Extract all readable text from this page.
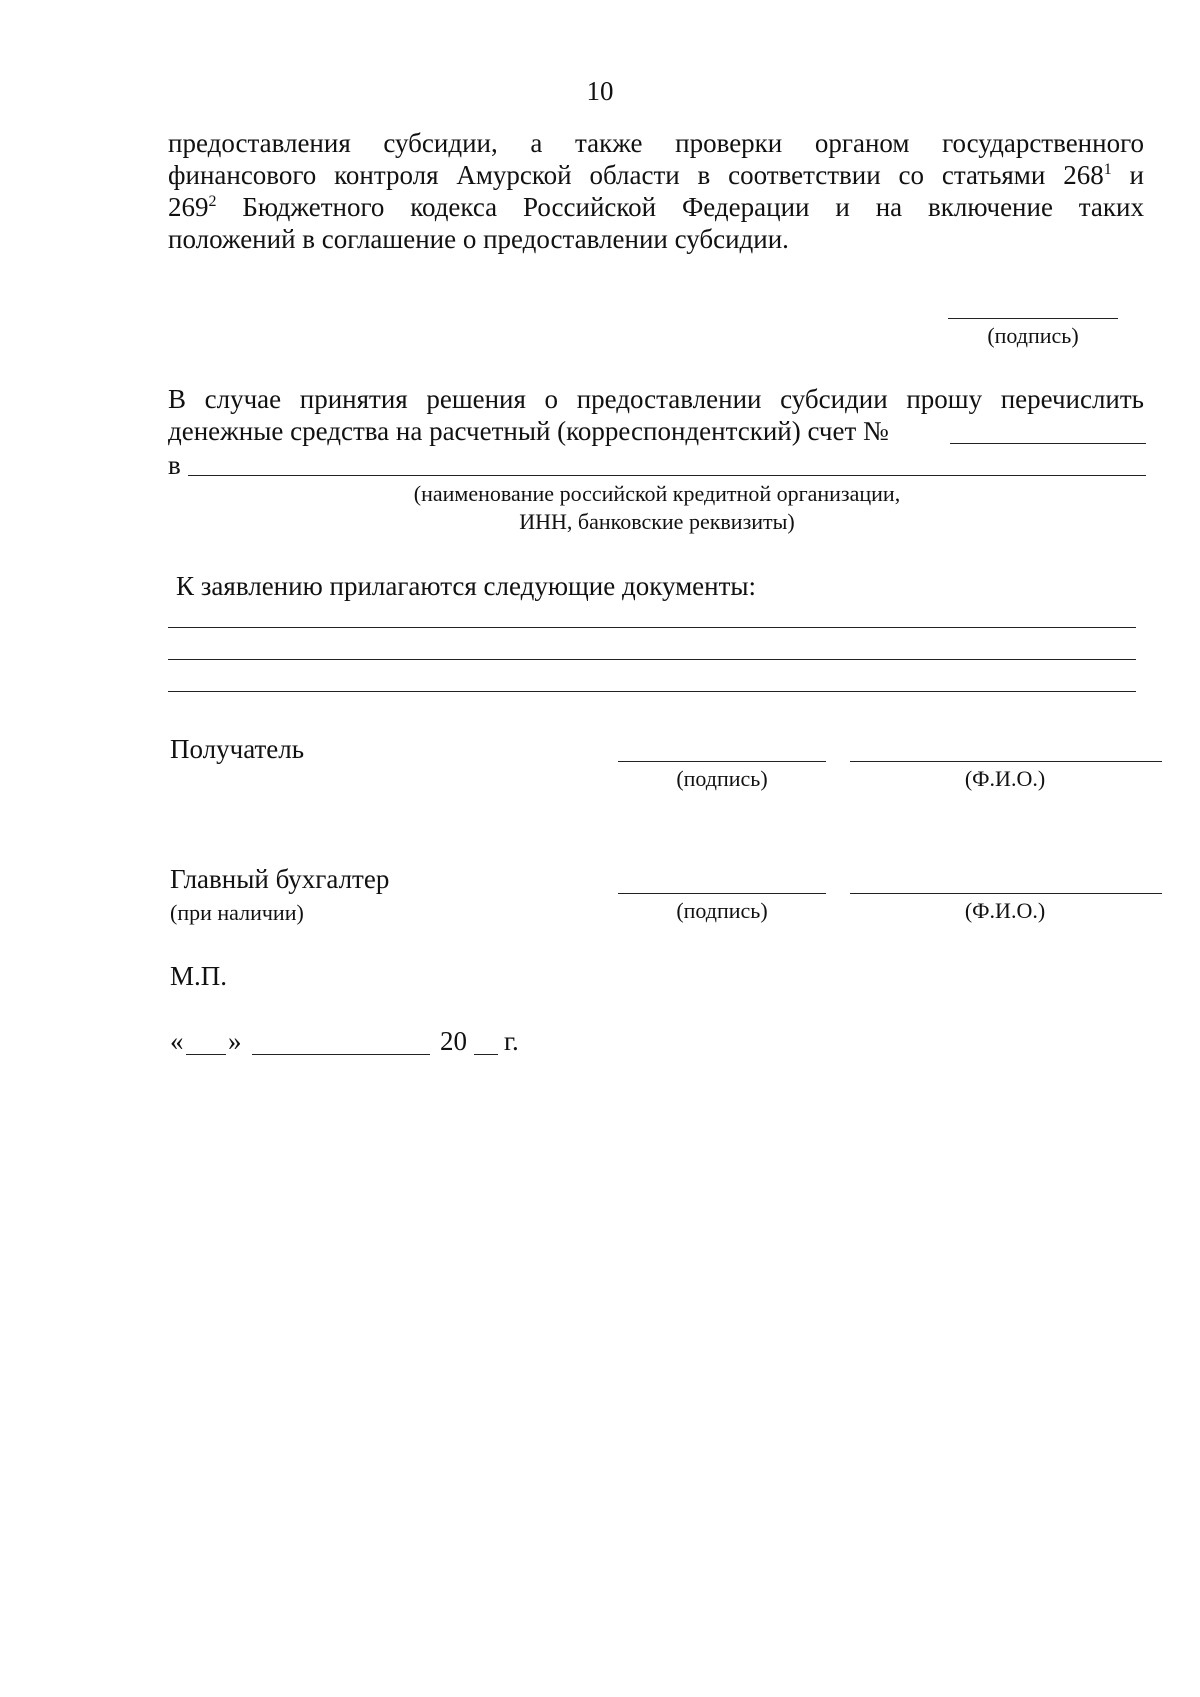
10
предоставления субсидии, а также проверки органом государственного
финансового контроля Амурской области в соответствии со статьями $268^1$ и
$269^2$ Бюджетного кодекса Российской Федерации и на включение таких
положений в соглашение о предоставлении субсидии.
(подпись)
В случае принятия решения о предоставлении субсидии прошу перечислить
денежные средства на расчетный (корреспондентский) счет №
в
(наименование российской кредитной организации,
ИНН, банковские реквизиты)
К заявлению прилагаются следующие документы:
Получатель
(подпись)	(Ф.И.О.)
Главный бухгалтер
(при наличии)	(подпись)	(Ф.И.О.)
М.П.
« »	20 г.
